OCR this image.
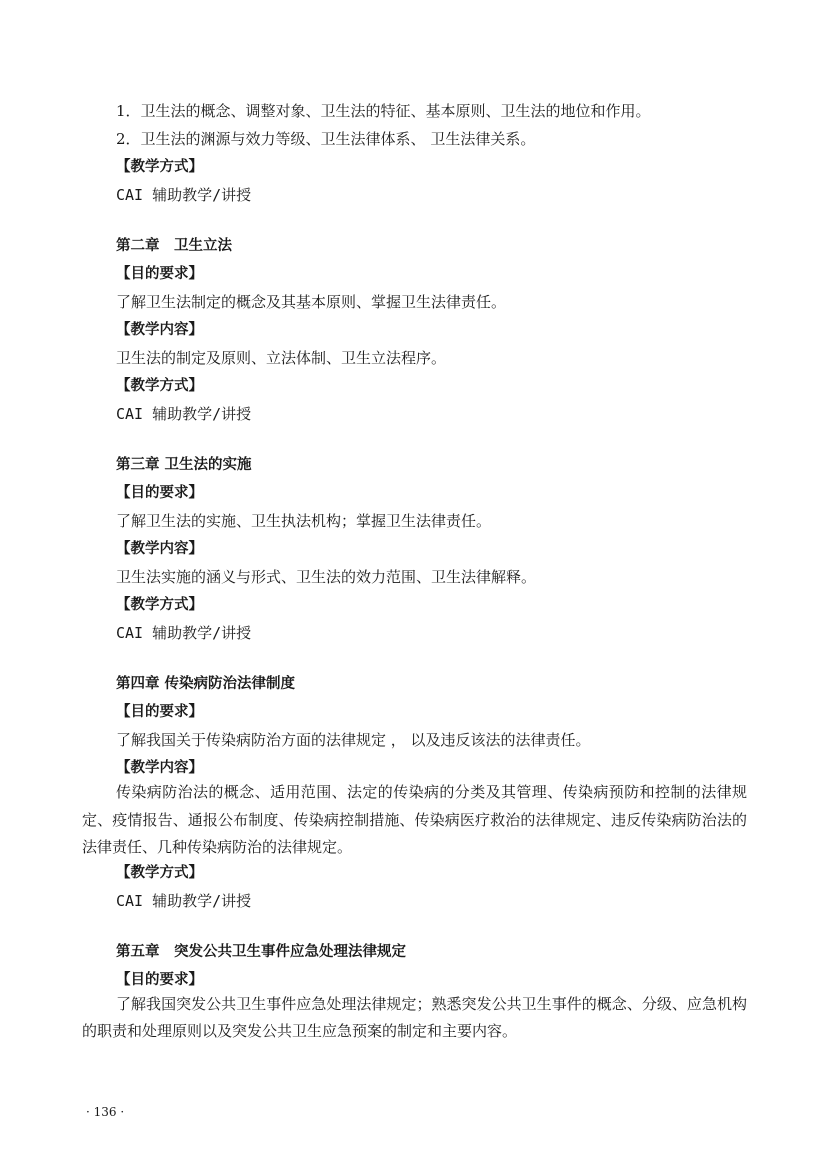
1．卫生法的概念、调整对象、卫生法的特征、基本原则、卫生法的地位和作用。
2．卫生法的渊源与效力等级、卫生法律体系、 卫生法律关系。
【教学方式】
CAI 辅助教学/讲授
第二章　卫生立法
【目的要求】
了解卫生法制定的概念及其基本原则、掌握卫生法律责任。
【教学内容】
卫生法的制定及原则、立法体制、卫生立法程序。
【教学方式】
CAI 辅助教学/讲授
第三章 卫生法的实施
【目的要求】
了解卫生法的实施、卫生执法机构；掌握卫生法律责任。
【教学内容】
卫生法实施的涵义与形式、卫生法的效力范围、卫生法律解释。
【教学方式】
CAI 辅助教学/讲授
第四章 传染病防治法律制度
【目的要求】
了解我国关于传染病防治方面的法律规定 ， 以及违反该法的法律责任。
【教学内容】

传染病防治法的概念、适用范围、法定的传染病的分类及其管理、传染病预防和控制的法律规定、疫情报告、通报公布制度、传染病控制措施、传染病医疗救治的法律规定、违反传染病防治法的法律责任、几种传染病防治的法律规定。

【教学方式】
CAI 辅助教学/讲授
第五章　突发公共卫生事件应急处理法律规定
【目的要求】

了解我国突发公共卫生事件应急处理法律规定；熟悉突发公共卫生事件的概念、分级、应急机构的职责和处理原则以及突发公共卫生应急预案的制定和主要内容。

· 136 ·
